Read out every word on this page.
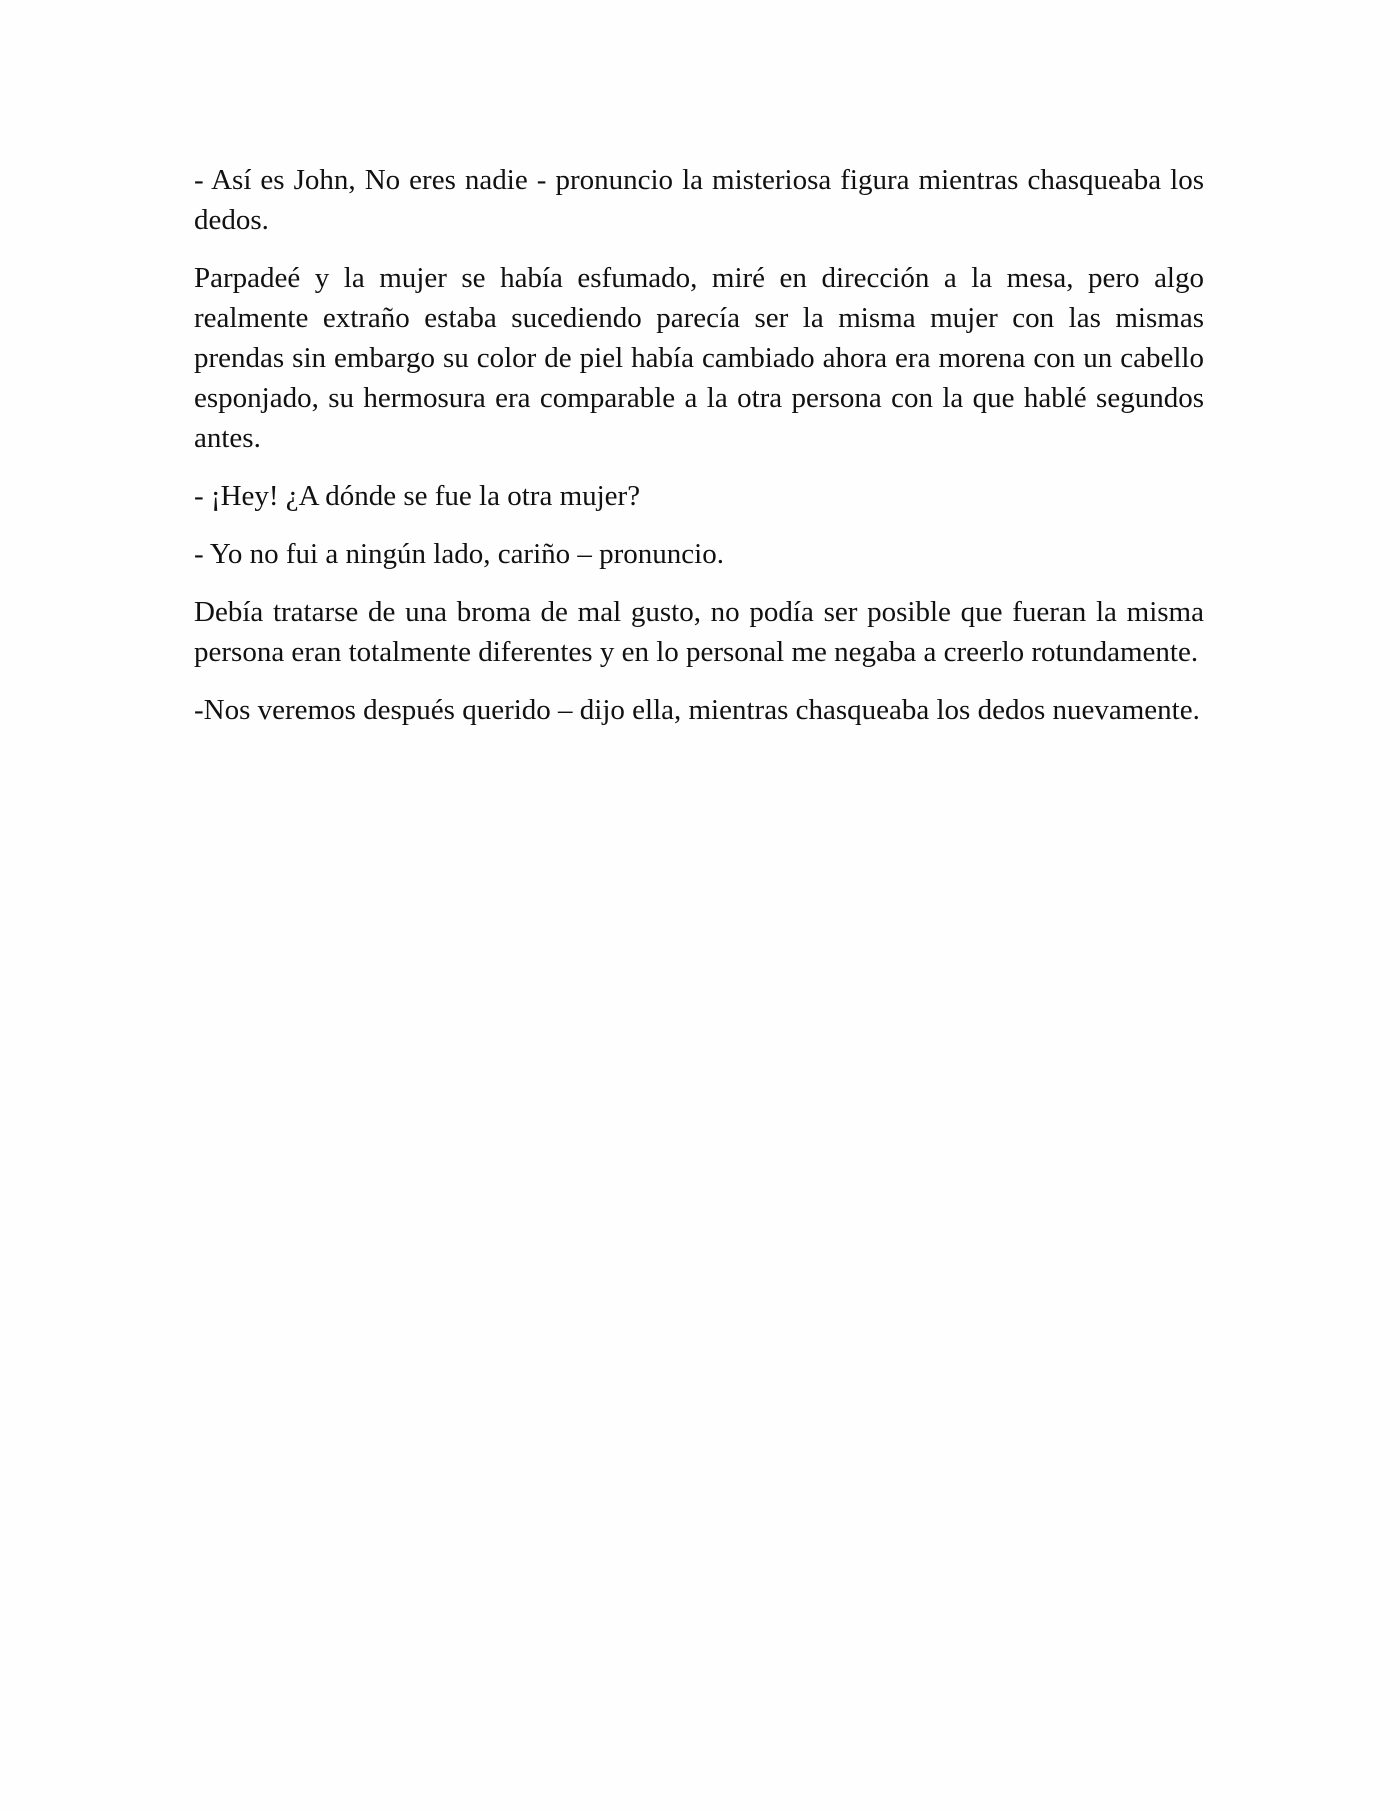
- Así es John, No eres nadie - pronuncio la misteriosa figura mientras chasqueaba los dedos.

Parpadeé y la mujer se había esfumado, miré en dirección a la mesa, pero algo realmente extraño estaba sucediendo parecía ser la misma mujer con las mismas prendas sin embargo su color de piel había cambiado ahora era morena con un cabello esponjado, su hermosura era comparable a la otra persona con la que hablé segundos antes.

- ¡Hey! ¿A dónde se fue la otra mujer?

- Yo no fui a ningún lado, cariño – pronuncio.

Debía tratarse de una broma de mal gusto, no podía ser posible que fueran la misma persona eran totalmente diferentes y en lo personal me negaba a creerlo rotundamente.

-Nos veremos después querido – dijo ella, mientras chasqueaba los dedos nuevamente.
